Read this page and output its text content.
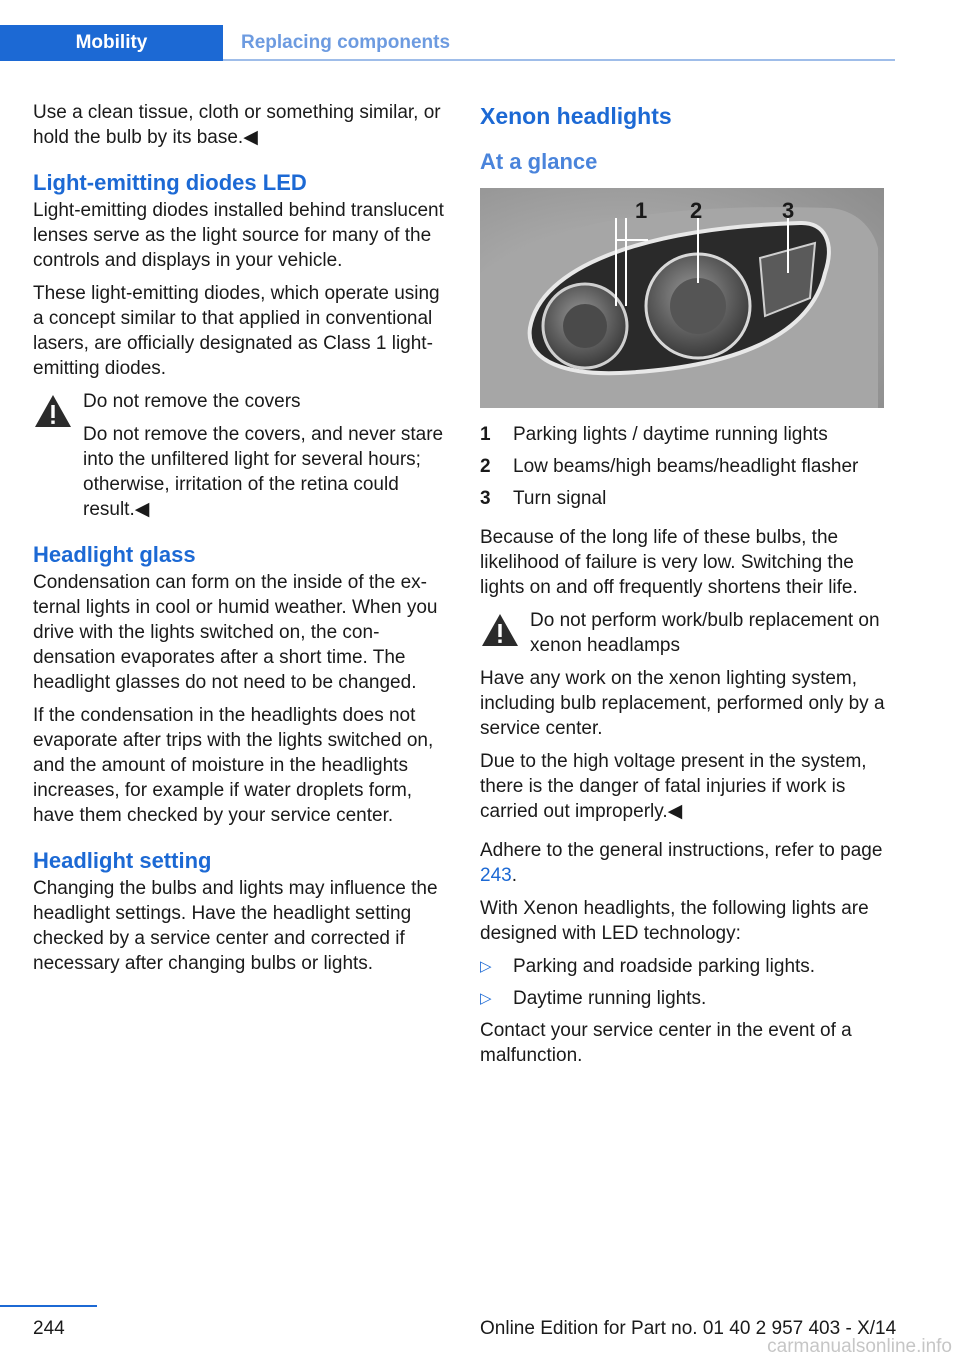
Mobility	Replacing components

Use a clean tissue, cloth or something similar, or hold the bulb by its base.◀

Light-emitting diodes LED

Light-emitting diodes installed behind translucent lenses serve as the light source for many of the controls and displays in your vehicle.

These light-emitting diodes, which operate using a concept similar to that applied in conventional lasers, are officially designated as Class 1 light-emitting diodes.

Do not remove the covers

Do not remove the covers, and never stare into the unfiltered light for several hours; otherwise, irritation of the retina could result.◀

Headlight glass

Condensation can form on the inside of the external lights in cool or humid weather. When you drive with the lights switched on, the condensation evaporates after a short time. The headlight glasses do not need to be changed.

If the condensation in the headlights does not evaporate after trips with the lights switched on, and the amount of moisture in the headlights increases, for example if water droplets form, have them checked by your service center.

Headlight setting

Changing the bulbs and lights may influence the headlight settings. Have the headlight setting checked by a service center and corrected if necessary after changing bulbs or lights.

Xenon headlights
At a glance
1 2	3
1	Parking lights / daytime running lights
2	Low beams/high beams/headlight flasher
3	Turn signal

Because of the long life of these bulbs, the likelihood of failure is very low. Switching the lights on and off frequently shortens their life.

Do not perform work/bulb replacement on xenon headlamps

Have any work on the xenon lighting system, including bulb replacement, performed only by a service center.

Due to the high voltage present in the system, there is the danger of fatal injuries if work is carried out improperly.◀

Adhere to the general instructions, refer to page 243.

With Xenon headlights, the following lights are designed with LED technology:

▷	Parking and roadside parking lights.
▷	Daytime running lights.

Contact your service center in the event of a malfunction.

244	Online Edition for Part no. 01 40 2 957 403 - X/14
carmanualsonline.info
